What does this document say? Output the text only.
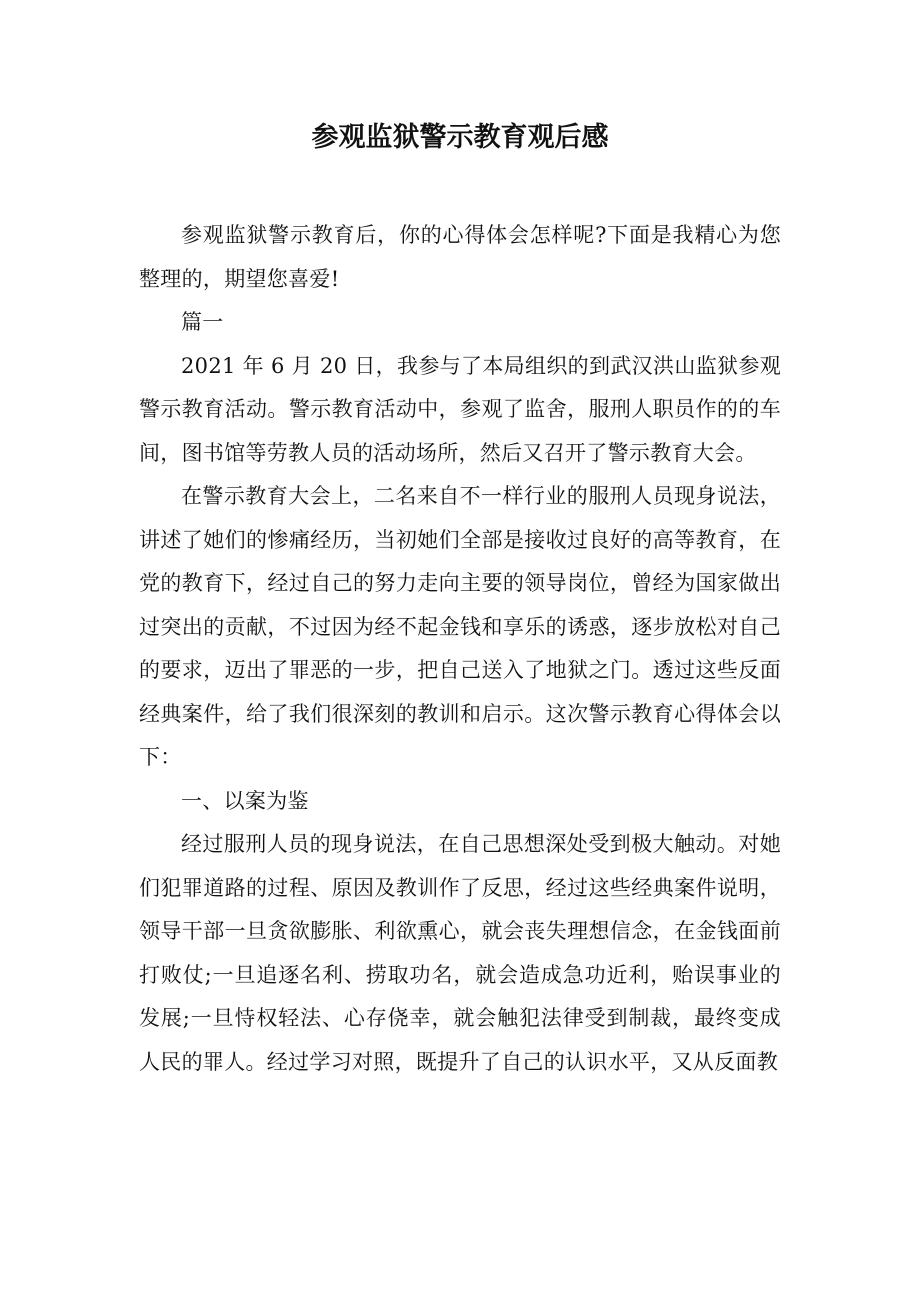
参观监狱警示教育观后感

参观监狱警示教育后，你的心得体会怎样呢?下面是我精心为您整理的，期望您喜爱!

篇一

2021 年 6 月 20 日，我参与了本局组织的到武汉洪山监狱参观警示教育活动。警示教育活动中，参观了监舍，服刑人职员作的的车间，图书馆等劳教人员的活动场所，然后又召开了警示教育大会。

在警示教育大会上，二名来自不一样行业的服刑人员现身说法，讲述了她们的惨痛经历，当初她们全部是接收过良好的高等教育，在党的教育下，经过自己的努力走向主要的领导岗位，曾经为国家做出过突出的贡献，不过因为经不起金钱和享乐的诱惑，逐步放松对自己的要求，迈出了罪恶的一步，把自己送入了地狱之门。透过这些反面经典案件，给了我们很深刻的教训和启示。这次警示教育心得体会以下：

一、以案为鉴

经过服刑人员的现身说法，在自己思想深处受到极大触动。对她们犯罪道路的过程、原因及教训作了反思，经过这些经典案件说明，领导干部一旦贪欲膨胀、利欲熏心，就会丧失理想信念，在金钱面前打败仗;一旦追逐名利、捞取功名，就会造成急功近利，贻误事业的发展;一旦恃权轻法、心存侥幸，就会触犯法律受到制裁，最终变成人民的罪人。经过学习对照，既提升了自己的认识水平，又从反面教
